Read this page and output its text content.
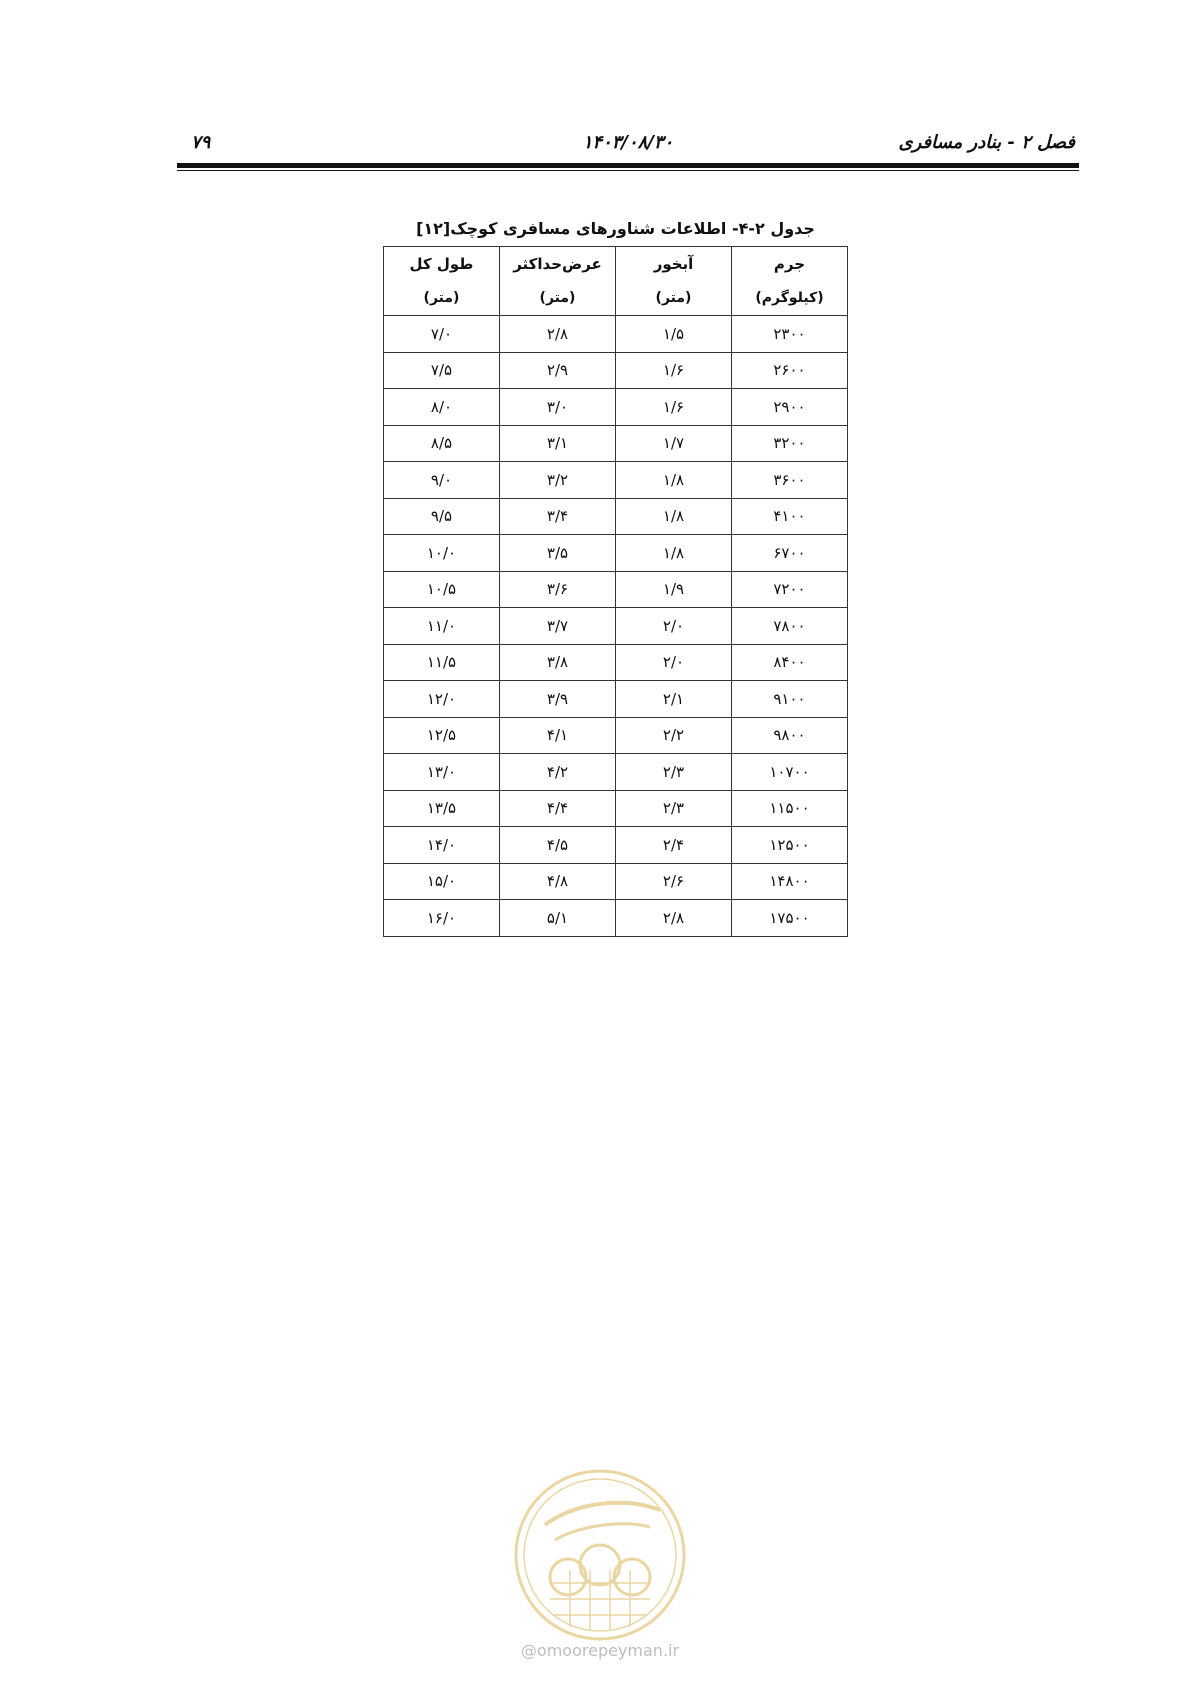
۷۹	۱۴۰۳/۰۸/۳۰	فصل ۲ - بنادر مسافری
جدول ۲-۴- اطلاعات شناورهای مسافری کوچک[۱۲]
جرم	آبخور	عرض‌حداکثر	طول کل
(کیلوگرم)	(متر)	(متر)	(متر)
۲۳۰۰	۱/۵	۲/۸	۷/۰
۲۶۰۰	۱/۶	۲/۹	۷/۵
۲۹۰۰	۱/۶	۳/۰	۸/۰
۳۲۰۰	۱/۷	۳/۱	۸/۵
۳۶۰۰	۱/۸	۳/۲	۹/۰
۴۱۰۰	۱/۸	۳/۴	۹/۵
۶۷۰۰	۱/۸	۳/۵	۱۰/۰
۷۲۰۰	۱/۹	۳/۶	۱۰/۵
۷۸۰۰	۲/۰	۳/۷	۱۱/۰
۸۴۰۰	۲/۰	۳/۸	۱۱/۵
۹۱۰۰	۲/۱	۳/۹	۱۲/۰
۹۸۰۰	۲/۲	۴/۱	۱۲/۵
۱۰۷۰۰	۲/۳	۴/۲	۱۳/۰
۱۱۵۰۰	۲/۳	۴/۴	۱۳/۵
۱۲۵۰۰	۲/۴	۴/۵	۱۴/۰
۱۴۸۰۰	۲/۶	۴/۸	۱۵/۰
۱۷۵۰۰	۲/۸	۵/۱	۱۶/۰
@omoorepeyman.ir
